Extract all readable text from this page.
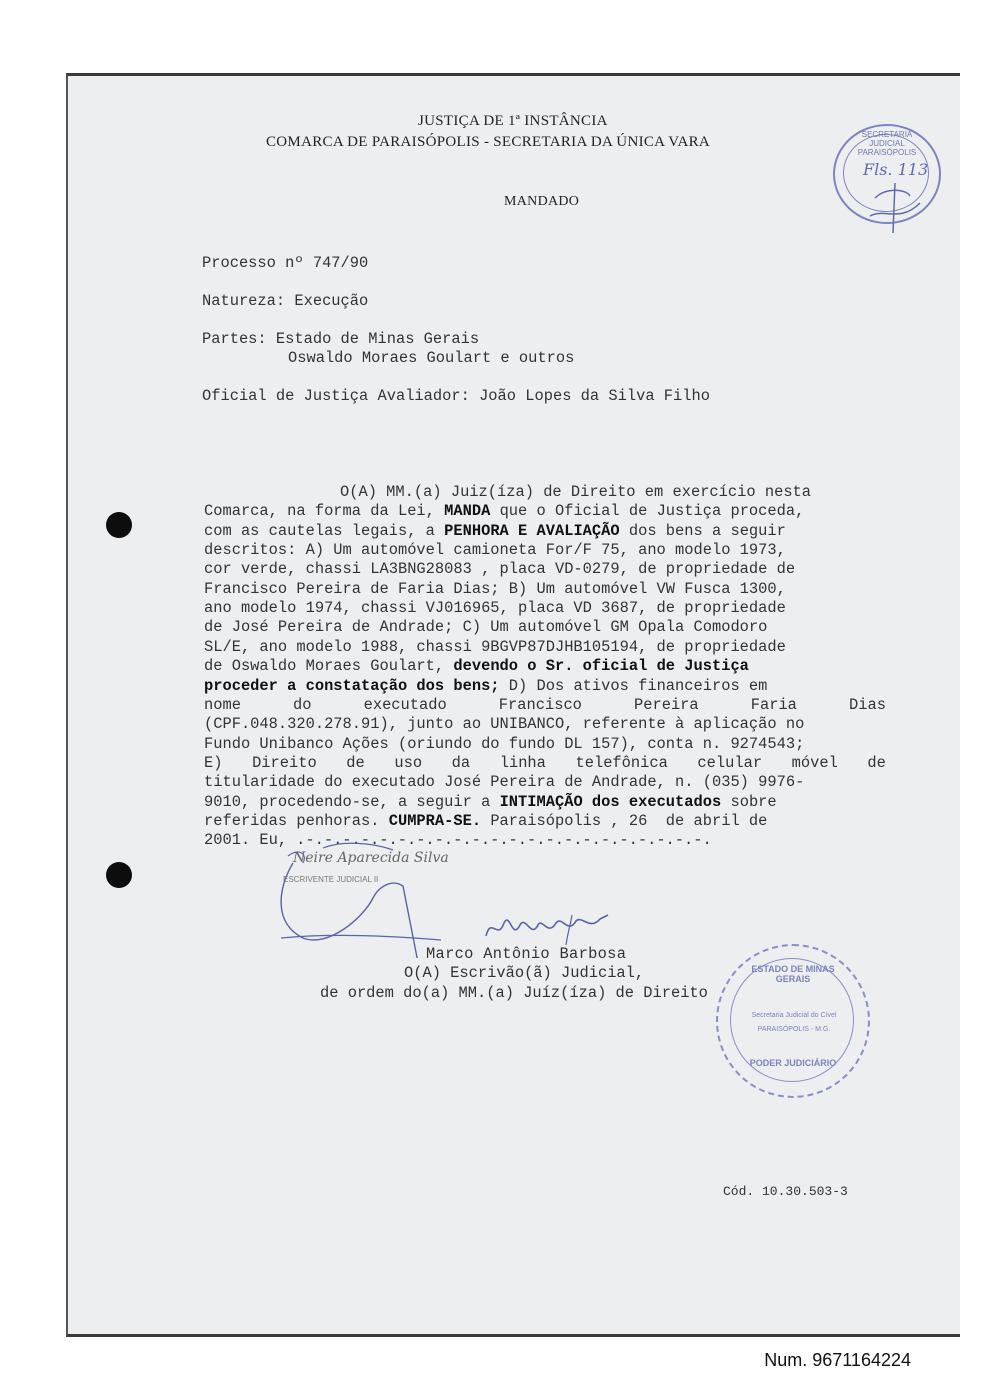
JUSTIÇA DE 1ª INSTÂNCIA
COMARCA DE PARAISÓPOLIS - SECRETARIA DA ÚNICA VARA
MANDADO
Processo nº 747/90
Natureza: Execução
Partes: Estado de Minas Gerais
Oswaldo Moraes Goulart e outros
Oficial de Justiça Avaliador: João Lopes da Silva Filho
O(A) MM.(a) Juiz(íza) de Direito em exercício nesta
Comarca, na forma da Lei, MANDA que o Oficial de Justiça proceda,
com as cautelas legais, a PENHORA E AVALIAÇÃO dos bens a seguir
descritos: A) Um automóvel camioneta For/F 75, ano modelo 1973,
cor verde, chassi LA3BNG28083 , placa VD-0279, de propriedade de
Francisco Pereira de Faria Dias; B) Um automóvel VW Fusca 1300,
ano modelo 1974, chassi VJ016965, placa VD 3687, de propriedade
de José Pereira de Andrade; C) Um automóvel GM Opala Comodoro
SL/E, ano modelo 1988, chassi 9BGVP87DJHB105194, de propriedade
de Oswaldo Moraes Goulart, devendo o Sr. oficial de Justiça
proceder a constatação dos bens; D) Dos ativos financeiros em
nome	do	executado	Francisco	Pereira	Faria	Dias
(CPF.048.320.278.91), junto ao UNIBANCO, referente à aplicação no
Fundo Unibanco Ações (oriundo do fundo DL 157), conta n. 9274543;
E) Direito de uso da linha telefônica celular móvel de
titularidade do executado José Pereira de Andrade, n. (035) 9976-
9010, procedendo-se, a seguir a INTIMAÇÃO dos executados sobre
referidas penhoras. CUMPRA-SE. Paraisópolis , 26  de abril de
2001. Eu, .-.-.-.-.-.-.-.-.-.-.-.-.-.-.-.-.-.-.-.-.-.-.
Neire Aparecida Silva
ESCRIVENTE JUDICIAL II
Marco Antônio Barbosa
O(A) Escrivão(ã) Judicial,
de ordem do(a) MM.(a) Juíz(íza) de Direito
SECRETARIA JUDICIAL PARAISÓPOLIS
Fls. 113
ESTADO DE MINAS GERAIS
Secretaria Judicial do Cível
PARAISÓPOLIS - M.G.
PODER JUDICIÁRIO
Cód. 10.30.503-3
Num. 9671164224
